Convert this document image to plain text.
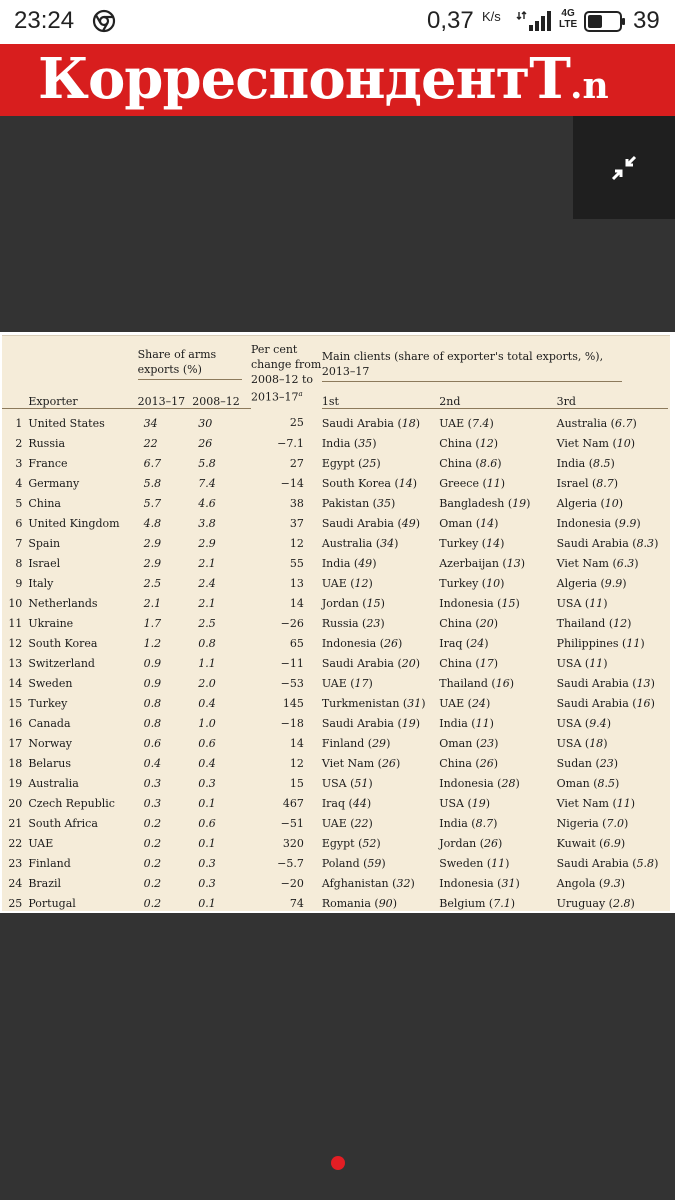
23:24	0,37 K/s	4G
LTE 39
КорреспондентТ.n

		Share of arms exports (%)		Per cent
change from
2008–12 to
2013–17$^a$	Main clients (share of exporter's total exports, %), 2013–17		

	Exporter	2013–17	2008–12		1st	2nd	3rd
1	United States	34	30	25	Saudi Arabia (18)	UAE (7.4)	Australia (6.7)
2	Russia	22	26	−7.1	India (35)	China (12)	Viet Nam (10)
3	France	6.7	5.8	27	Egypt (25)	China (8.6)	India (8.5)
4	Germany	5.8	7.4	−14	South Korea (14)	Greece (11)	Israel (8.7)
5	China	5.7	4.6	38	Pakistan (35)	Bangladesh (19)	Algeria (10)
6	United Kingdom	4.8	3.8	37	Saudi Arabia (49)	Oman (14)	Indonesia (9.9)
7	Spain	2.9	2.9	12	Australia (34)	Turkey (14)	Saudi Arabia (8.3)
8	Israel	2.9	2.1	55	India (49)	Azerbaijan (13)	Viet Nam (6.3)
9	Italy	2.5	2.4	13	UAE (12)	Turkey (10)	Algeria (9.9)
10	Netherlands	2.1	2.1	14	Jordan (15)	Indonesia (15)	USA (11)
11	Ukraine	1.7	2.5	−26	Russia (23)	China (20)	Thailand (12)
12	South Korea	1.2	0.8	65	Indonesia (26)	Iraq (24)	Philippines (11)
13	Switzerland	0.9	1.1	−11	Saudi Arabia (20)	China (17)	USA (11)
14	Sweden	0.9	2.0	−53	UAE (17)	Thailand (16)	Saudi Arabia (13)
15	Turkey	0.8	0.4	145	Turkmenistan (31)	UAE (24)	Saudi Arabia (16)
16	Canada	0.8	1.0	−18	Saudi Arabia (19)	India (11)	USA (9.4)
17	Norway	0.6	0.6	14	Finland (29)	Oman (23)	USA (18)
18	Belarus	0.4	0.4	12	Viet Nam (26)	China (26)	Sudan (23)
19	Australia	0.3	0.3	15	USA (51)	Indonesia (28)	Oman (8.5)
20	Czech Republic	0.3	0.1	467	Iraq (44)	USA (19)	Viet Nam (11)
21	South Africa	0.2	0.6	−51	UAE (22)	India (8.7)	Nigeria (7.0)
22	UAE	0.2	0.1	320	Egypt (52)	Jordan (26)	Kuwait (6.9)
23	Finland	0.2	0.3	−5.7	Poland (59)	Sweden (11)	Saudi Arabia (5.8)
24	Brazil	0.2	0.3	−20	Afghanistan (32)	Indonesia (31)	Angola (9.3)
25	Portugal	0.2	0.1	74	Romania (90)	Belgium (7.1)	Uruguay (2.8)
